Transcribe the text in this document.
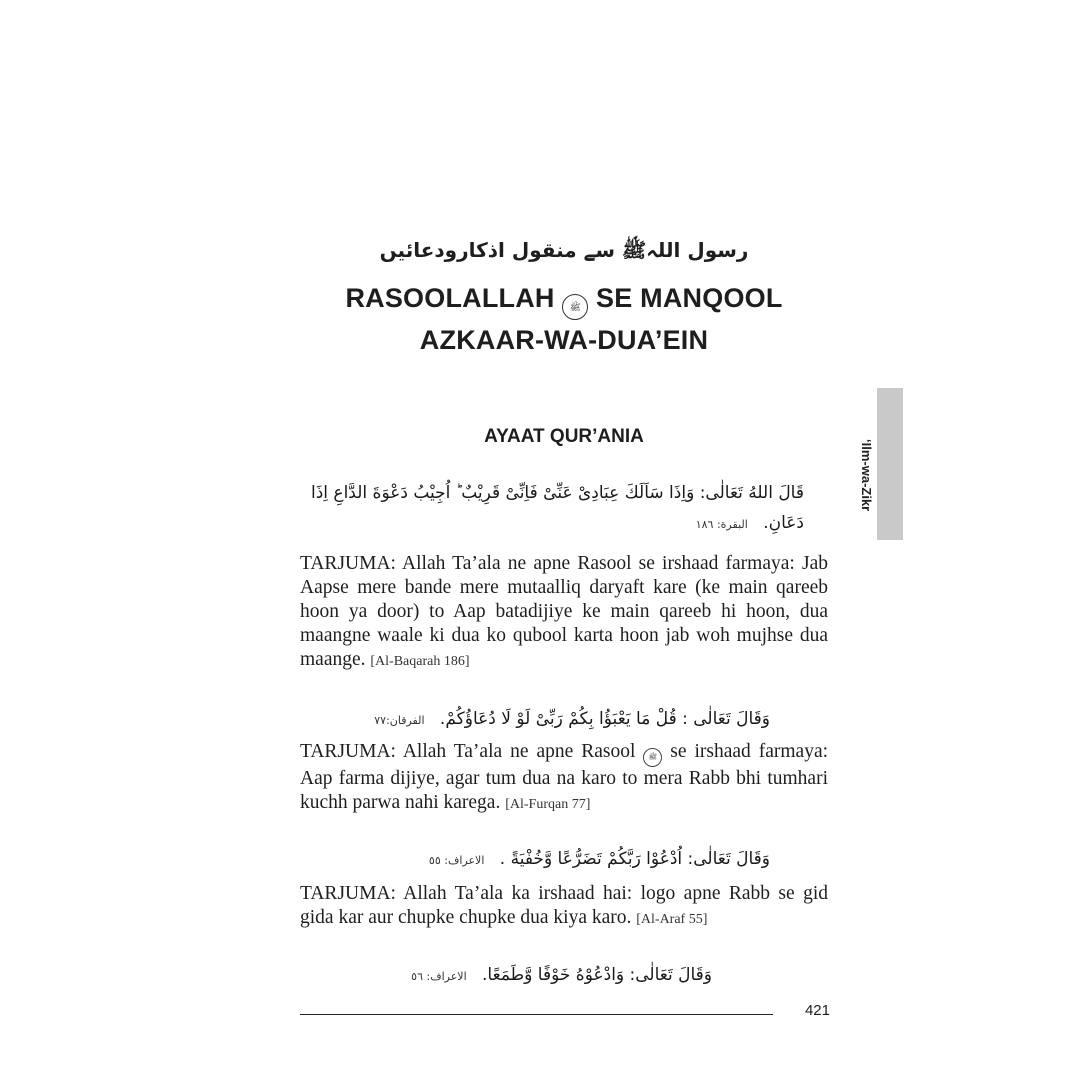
رسول اللہﷺ سے منقول اذکارودعائیں
RASOOLALLAH ﷺ SE MANQOOL
AZKAAR-WA-DUA’EIN
‘Ilm-wa-Zikr
AYAAT QUR’ANIA
قَالَ اللهُ تَعَالٰى: وَاِذَا سَاَلَكَ عِبَادِىْ عَنِّىْ فَاِنِّىْ قَرِيْبٌ ؕ اُجِيْبُ دَعْوَةَ الدَّاعِ اِذَا دَعَانِ. البقرة: ١٨٦
TARJUMA: Allah Ta’ala ne apne Rasool se irshaad farmaya: Jab Aapse mere bande mere mutaalliq daryaft kare (ke main qareeb hoon ya door) to Aap batadijiye ke main qareeb hi hoon, dua maangne waale ki dua ko qubool karta hoon jab woh mujhse dua maange. [Al-Baqarah 186]
وَقَالَ تَعَالٰى : قُلْ مَا يَعْبَؤُا بِكُمْ رَبِّىْ لَوْ لَا دُعَاؤُكُمْ. الفرقان:٧٧
TARJUMA: Allah Ta’ala ne apne Rasool ﷺ se irshaad farmaya: Aap farma dijiye, agar tum dua na karo to mera Rabb bhi tumhari kuchh parwa nahi karega. [Al-Furqan 77]
وَقَالَ تَعَالٰى: اُدْعُوْا رَبَّكُمْ تَضَرُّعًا وَّخُفْيَةً . الاعراف: ٥٥
TARJUMA: Allah Ta’ala ka irshaad hai: logo apne Rabb se gid gida kar aur chupke chupke dua kiya karo. [Al-Araf 55]
وَقَالَ تَعَالٰى: وَادْعُوْهُ خَوْفًا وَّطَمَعًا. الاعراف: ٥٦
421
